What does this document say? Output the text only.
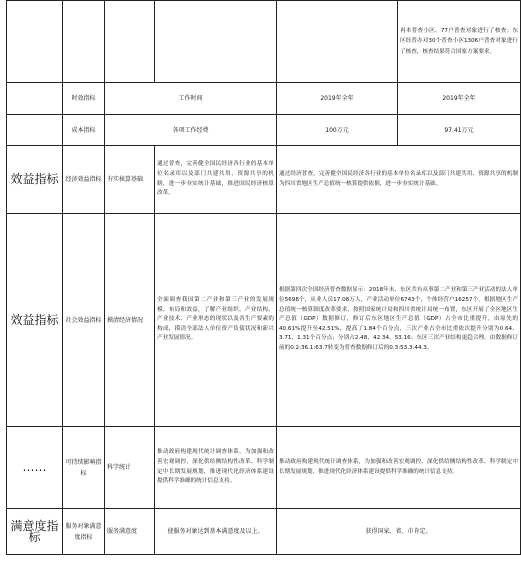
					再本普查小区、77户普查对象进行了核查；东区经普办对30个普查小区1306户普查对象进行了核查，核查结果符合国家方案要求。
	时效指标	工作时间		2019年全年	2019年全年
	成本指标	各项工作经费		100万元	97.41万元
效益指标	经济效益指标	夯实核算基础	通过普查，完善健全国民经济各行业的基本单位名录库以及部门共建共用、资源共享的机制，进一步夯实统计基础，推进国民经济核算改革。	通过经济普查，完善健全国民经济各行业的基本单位名录库以及部门共建共用、资源共享的机制为四川省地区生产总值统一核算提供依据，进一步夯实统计基础。	
效益指标	社会效益指标	摸清经济情况	全面调查我国第二产业和第三产业的发展规模、布局和效益，了解产业组织、产业结构、产业技术、产业形态的现状以及各生产要素的构成，摸清全部法人单位资产负债状况和新兴产业发展情况。	根据第四次全国经济普查数据显示：2018年末，东区共有从事第二产业和第三产业活动的法人单位5698个，从业人员17.08万人，产业活动单位6743个，个体经营户16257个。根据地区生产总值统一核算制度改革要求，按照国家统计局和四川省统计局统一布置，东区开展了全区地区生产总值（GDP）数据修订，修订后东区地区生产总值（GDP）占全市比重提升，由原先的40.61%提升至42.51%，提高了1.84个百分点，三次产业占全市比重依次提升分别为0.64、3.71、1.31个百分点；分别占2.48、42.34、53.16；东区三次产业结构更趋合理，由数据修订前的0.2:36.1:63.7转变为普查数据修订后的0.3:53.3:44.3。	
……	可持续影响指标	科学统计	推动政府构建现代统计调查体系，为加强和改善宏观调控、深化供给侧结构性改革、科学制定中长期发展规划，推进现代化经济体系建设提供科学准确的统计信息支持。	推动政府构建现代统计调查体系，为加强和改善宏观调控、深化供给侧结构性改革、科学制定中长期发展规划，推进现代化经济体系建设提供科学准确的统计信息支持。	
满意度指标	服务对象满意度指标	服务满意度	使服务对象达到基本满意度及以上。	获得国家、省、市肯定。	
